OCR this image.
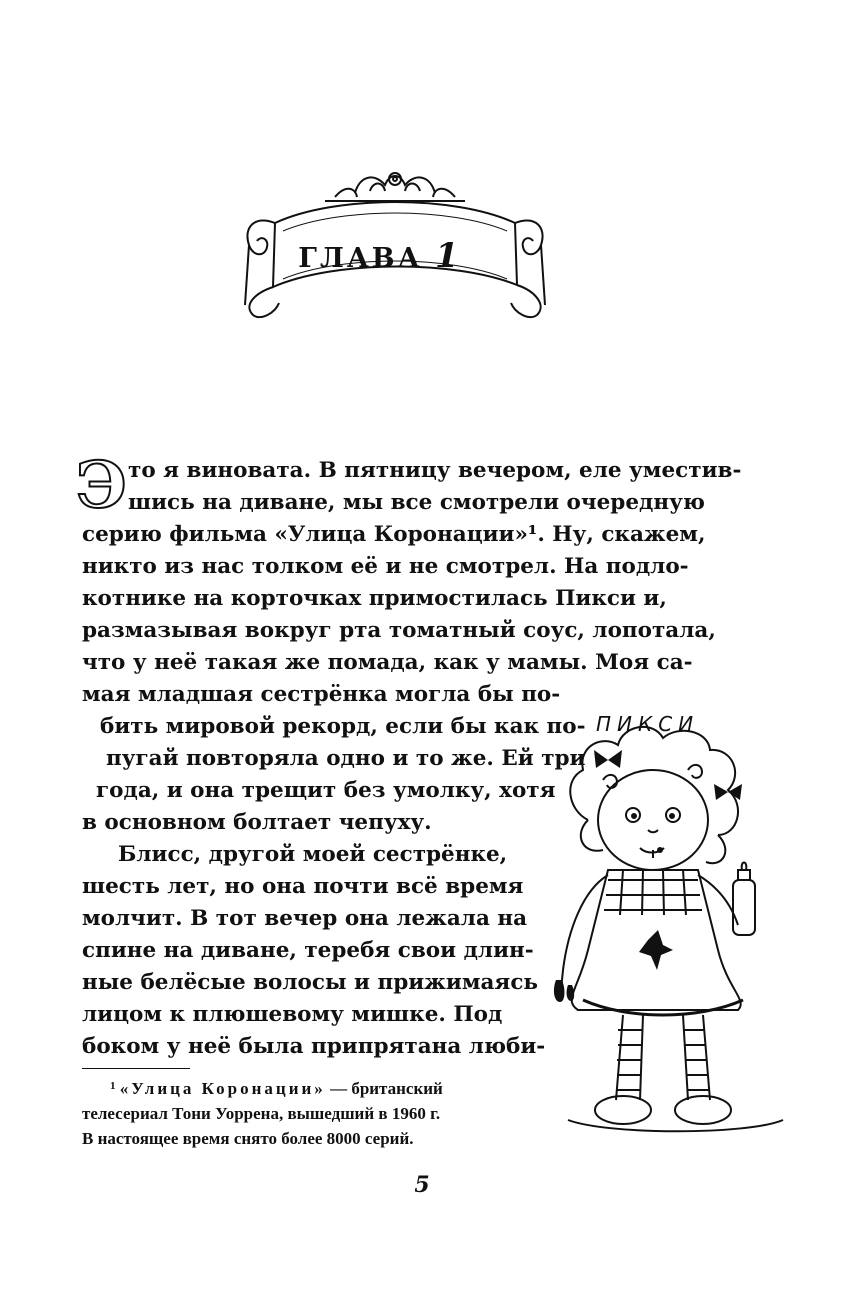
ГЛАВА 1
Э то я виновата. В пятницу вечером, еле уместив-
шись на диване, мы все смотрели очередную
серию фильма «Улица Коронации»¹. Ну, скажем,
никто из нас толком её и не смотрел. На подло-
котнике на корточках примостилась Пикси и,
размазывая вокруг рта томатный соус, лопотала,
что у неё такая же помада, как у мамы. Моя са-
мая младшая сестрёнка могла бы по-
бить мировой рекорд, если бы как по-
пугай повторяла одно и то же. Ей три
года, и она трещит без умолку, хотя
в основном болтает чепуху.
Блисс, другой моей сестрёнке,
шесть лет, но она почти всё время
молчит. В тот вечер она лежала на
спине на диване, теребя свои длин-
ные белёсые волосы и прижимаясь
лицом к плюшевому мишке. Под
боком у неё была припрятана люби-
$^1$ «Улица Коронации» — британский
телесериал Тони Уоррена, вышедший в 1960 г.
В настоящее время снято более 8000 серий.
ПИКСИ
5
